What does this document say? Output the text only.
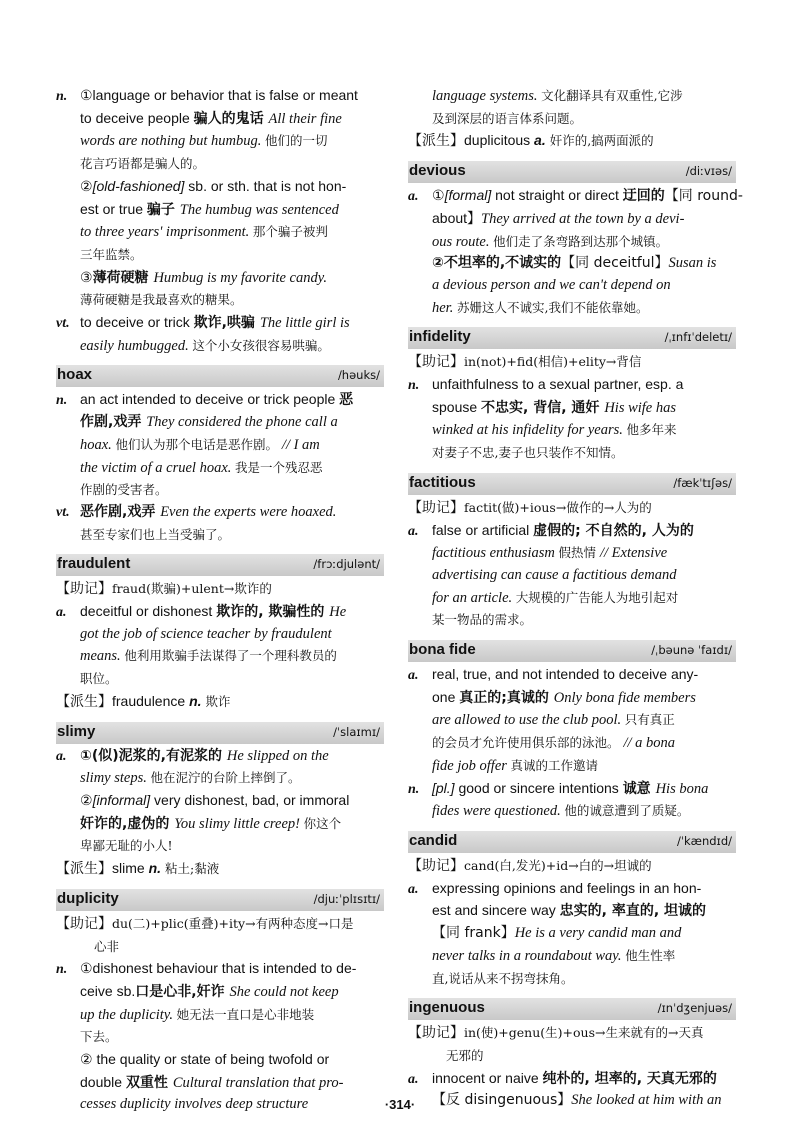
n. ①language or behavior that is false or meant
to deceive people 骗人的鬼话 All their fine
words are nothing but humbug. 他们的一切
花言巧语都是骗人的。
②[old-fashioned] sb. or sth. that is not hon-
est or true 骗子 The humbug was sentenced
to three years' imprisonment. 那个骗子被判
三年监禁。
③薄荷硬糖 Humbug is my favorite candy.
薄荷硬糖是我最喜欢的糖果。
vt. to deceive or trick 欺诈,哄骗 The little girl is
easily humbugged. 这个小女孩很容易哄骗。
hoax	/həuks/
n. an act intended to deceive or trick people 恶
作剧,戏弄 They considered the phone call a
hoax. 他们认为那个电话是恶作剧。 // I am
the victim of a cruel hoax. 我是一个残忍恶
作剧的受害者。
vt. 恶作剧,戏弄 Even the experts were hoaxed.
甚至专家们也上当受骗了。
fraudulent	/frɔːdjulənt/
【助记】fraud(欺骗)+ulent→欺诈的
a. deceitful or dishonest 欺诈的, 欺骗性的 He
got the job of science teacher by fraudulent
means. 他利用欺骗手法谋得了一个理科教员的
职位。
【派生】fraudulence n. 欺诈
slimy	/ˈslaɪmɪ/
a. ①(似)泥浆的,有泥浆的 He slipped on the
slimy steps. 他在泥泞的台阶上摔倒了。
②[informal] very dishonest, bad, or immoral
奸诈的,虚伪的 You slimy little creep! 你这个
卑鄙无耻的小人!
【派生】slime n. 粘土;黏液
duplicity	/djuːˈplɪsɪtɪ/
【助记】du(二)+plic(重叠)+ity→有两种态度→口是
心非
n. ①dishonest behaviour that is intended to de-
ceive sb.口是心非,奸诈 She could not keep
up the duplicity. 她无法一直口是心非地装
下去。
② the quality or state of being twofold or
double 双重性 Cultural translation that pro-
cesses duplicity involves deep structure
language systems. 文化翻译具有双重性,它涉
及到深层的语言体系问题。
【派生】duplicitous a. 奸诈的,搞两面派的
devious	/diːvɪəs/
a. ①[formal] not straight or direct 迂回的【同 round-
about】They arrived at the town by a devi-
ous route. 他们走了条弯路到达那个城镇。
②不坦率的,不诚实的【同 deceitful】Susan is
a devious person and we can't depend on
her. 苏姗这人不诚实,我们不能依靠她。
infidelity	/ˌɪnfɪˈdeletɪ/
【助记】in(not)+fid(相信)+elity→背信
n. unfaithfulness to a sexual partner, esp. a
spouse 不忠实, 背信, 通奸 His wife has
winked at his infidelity for years. 他多年来
对妻子不忠,妻子也只装作不知情。
factitious	/fækˈtɪʃəs/
【助记】factit(做)+ious→做作的→人为的
a. false or artificial 虚假的; 不自然的, 人为的
factitious enthusiasm 假热情 // Extensive
advertising can cause a factitious demand
for an article. 大规模的广告能人为地引起对
某一物品的需求。
bona fide	/ˌbəunə ˈfaɪdɪ/
a. real, true, and not intended to deceive any-
one 真正的;真诚的 Only bona fide members
are allowed to use the club pool. 只有真正
的会员才允许使用俱乐部的泳池。 // a bona
fide job offer 真诚的工作邀请
n. [pl.] good or sincere intentions 诚意 His bona
fides were questioned. 他的诚意遭到了质疑。
candid	/ˈkændɪd/
【助记】cand(白,发光)+id→白的→坦诚的
a. expressing opinions and feelings in an hon-
est and sincere way 忠实的, 率直的, 坦诚的
【同 frank】He is a very candid man and
never talks in a roundabout way. 他生性率
直,说话从来不拐弯抹角。
ingenuous	/ɪnˈdʒenjuəs/
【助记】in(使)+genu(生)+ous→生来就有的→天真
无邪的
a. innocent or naive 纯朴的, 坦率的, 天真无邪的
【反 disingenuous】She looked at him with an
·314·
